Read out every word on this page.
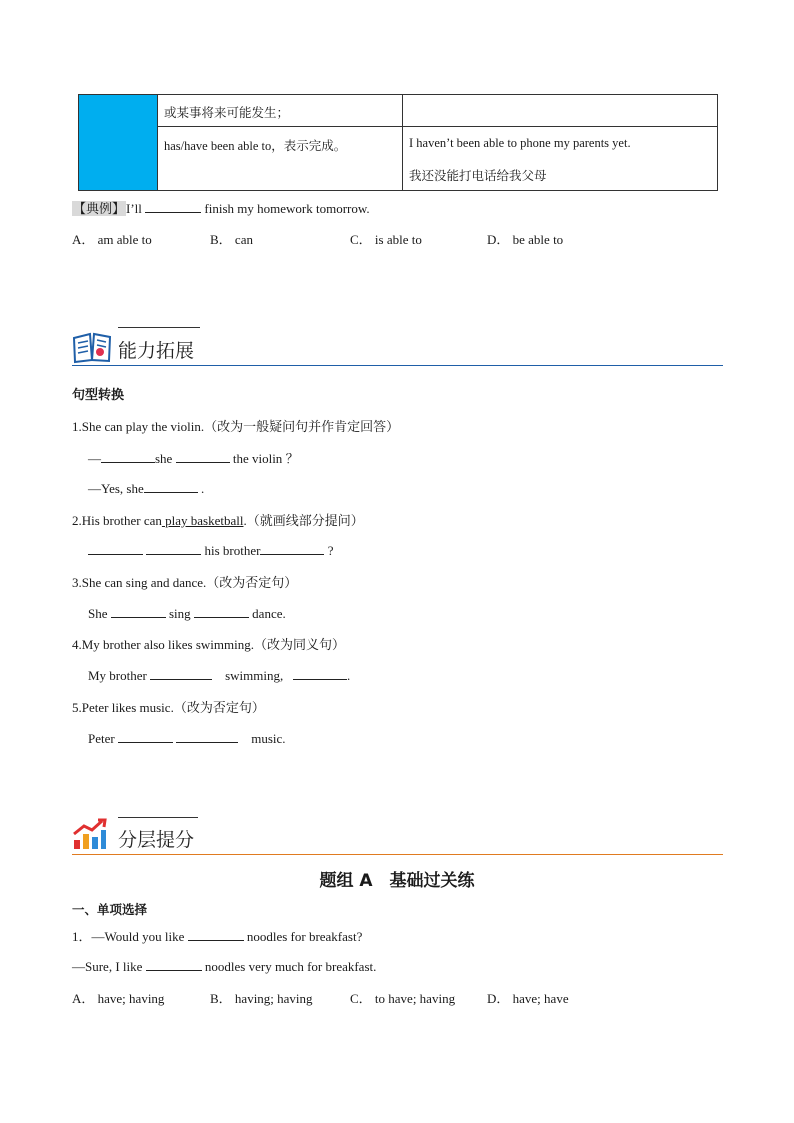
或某事将来可能发生；
has/have been able to，表示完成。	I haven’t been able to phone my parents yet.
我还没能打电话给我父母
【典例】I’ll	finish my homework tomorrow.
A． am able to	B． can	C． is able to	D． be able to
能力拓展
句型转换
1.She can play the violin.（改为一般疑问句并作肯定回答）
—	she	the violin ？
—Yes, she	.
2.His brother can play basketball.（就画线部分提问）
his brother	?
3.She can sing and dance.（改为否定句）
She	sing	dance.
4.My brother also likes swimming.（改为同义句）
My brother	swimming,	.
5.Peter likes music.（改为否定句）
Peter	music.
分层提分
题组 A　基础过关练
一、单项选择
1．—Would you like	noodles for breakfast?
—Sure, I like	noodles very much for breakfast.
A． have; having	B． having; having	C． to have; having D． have; have
